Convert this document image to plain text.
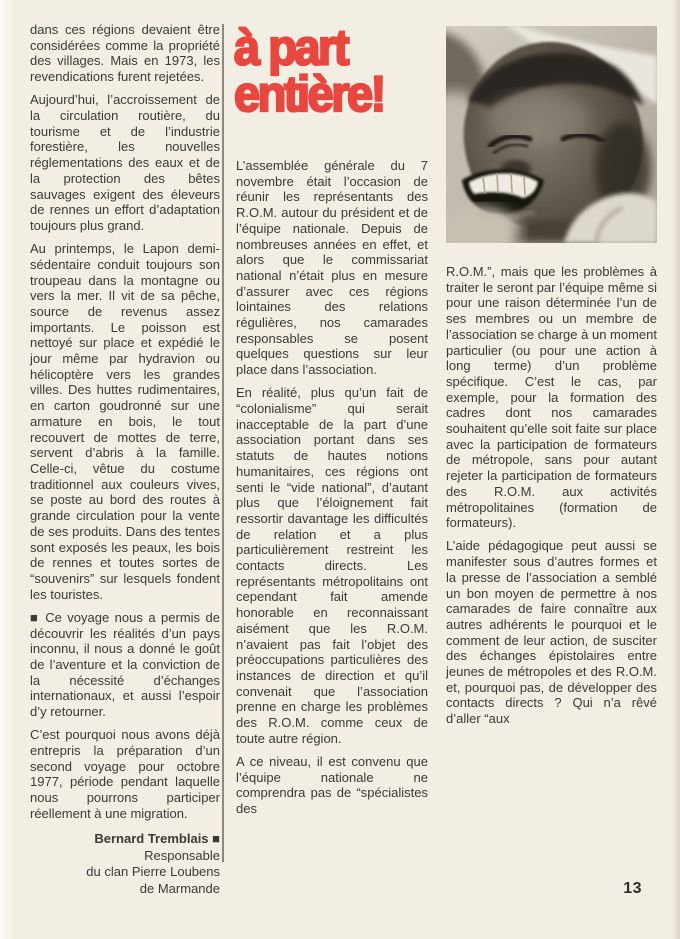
dans ces régions devaient être considérées comme la propriété des villages. Mais en 1973, les revendications furent rejetées.

Aujourd’hui, l’accroissement de la circulation routière, du tourisme et de l’industrie forestière, les nouvelles réglementations des eaux et de la protection des bêtes sauvages exigent des éleveurs de rennes un effort d’adaptation toujours plus grand.

Au printemps, le Lapon demi-sédentaire conduit toujours son troupeau dans la montagne ou vers la mer. Il vit de sa pêche, source de revenus assez importants. Le poisson est nettoyé sur place et expédié le jour même par hydravion ou hélicoptère vers les grandes villes. Des huttes rudimentaires, en carton goudronné sur une armature en bois, le tout recouvert de mottes de terre, servent d’abris à la famille. Celle-ci, vêtue du costume traditionnel aux couleurs vives, se poste au bord des routes à grande circulation pour la vente de ses produits. Dans des tentes sont exposés les peaux, les bois de rennes et toutes sortes de “souvenirs” sur lesquels fondent les touristes.

■ Ce voyage nous a permis de découvrir les réalités d’un pays inconnu, il nous a donné le goût de l’aventure et la conviction de la nécessité d’échanges internationaux, et aussi l’espoir d’y retourner.

C’est pourquoi nous avons déjà entrepris la préparation d’un second voyage pour octobre 1977, période pendant laquelle nous pourrons participer réellement à une migration.

Bernard Tremblais ■
Responsable
du clan Pierre Loubens
de Marmande
à part
entière!

L’assemblée générale du 7 novembre était l’occasion de réunir les représentants des R.O.M. autour du président et de l’équipe nationale. Depuis de nombreuses années en effet, et alors que le commissariat national n’était plus en mesure d’assurer avec ces régions lointaines des relations régulières, nos camarades responsables se posent quelques questions sur leur place dans l’association.

En réalité, plus qu’un fait de “colonialisme” qui serait inacceptable de la part d’une association portant dans ses statuts de hautes notions humanitaires, ces régions ont senti le “vide national”, d’autant plus que l’éloignement fait ressortir davantage les difficultés de relation et a plus particulièrement restreint les contacts directs. Les représentants métropolitains ont cependant fait amende honorable en reconnaissant aisément que les R.O.M. n’avaient pas fait l’objet des préoccupations particulières des instances de direction et qu’il convenait que l’association prenne en charge les problèmes des R.O.M. comme ceux de toute autre région.

A ce niveau, il est convenu que l’équipe nationale ne comprendra pas de “spécialistes des

R.O.M.”, mais que les problèmes à traiter le seront par l’équipe même si pour une raison déterminée l’un de ses membres ou un membre de l’association se charge à un moment particulier (ou pour une action à long terme) d’un problème spécifique. C’est le cas, par exemple, pour la formation des cadres dont nos camarades souhaitent qu’elle soit faite sur place avec la participation de formateurs de métropole, sans pour autant rejeter la participation de formateurs des R.O.M. aux activités métropolitaines (formation de formateurs).

L’aide pédagogique peut aussi se manifester sous d’autres formes et la presse de l’association a semblé un bon moyen de permettre à nos camarades de faire connaître aux autres adhérents le pourquoi et le comment de leur action, de susciter des échanges épistolaires entre jeunes de métropoles et des R.O.M. et, pourquoi pas, de développer des contacts directs ? Qui n’a rêvé d’aller “aux

13
